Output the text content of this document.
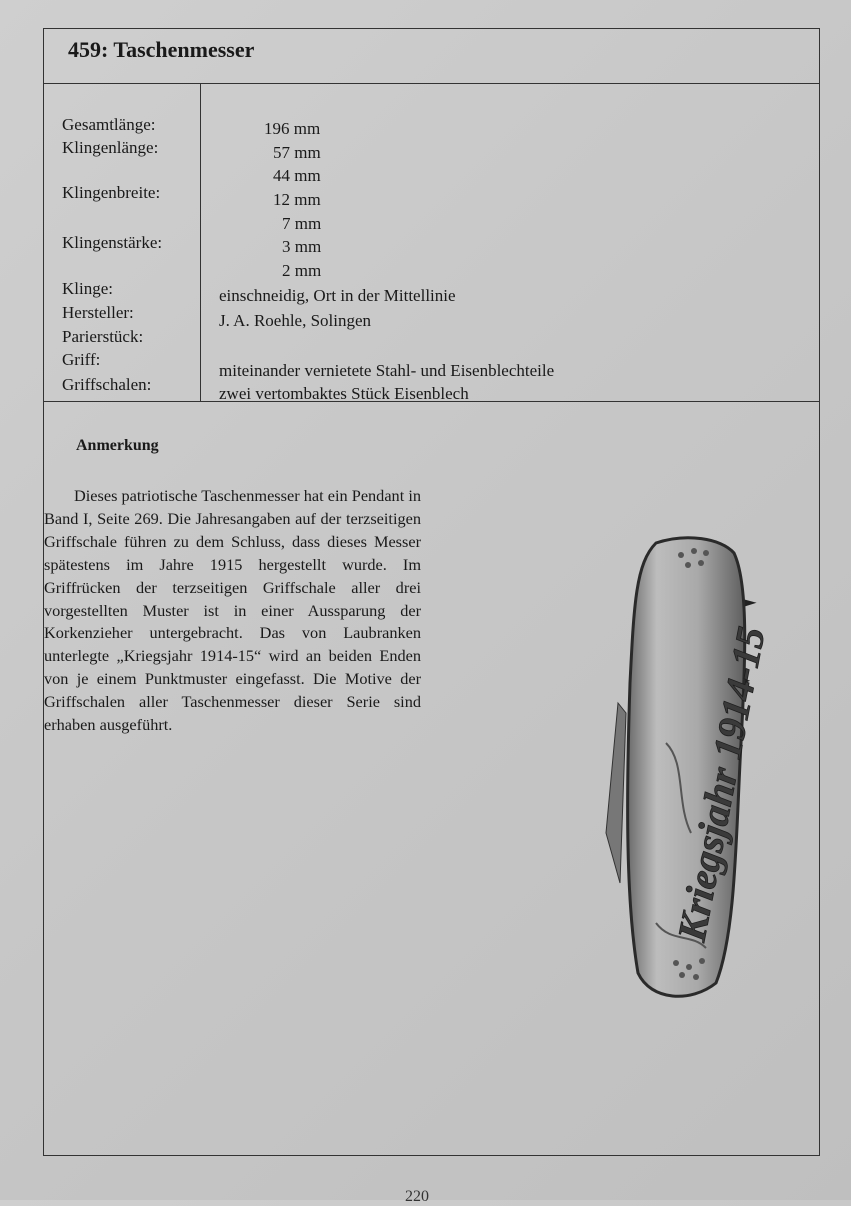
459: Taschenmesser
Gesamtlänge:
Klingenlänge:
Klingenbreite:
Klingenstärke:
Klinge:
Hersteller:
Parierstück:
Griff:
Griffschalen:
196 mm
57 mm
44 mm
12 mm
7 mm
3 mm
2 mm
einschneidig, Ort in der Mittellinie
J. A. Roehle, Solingen
miteinander vernietete Stahl- und Eisenblechteile
zwei vertombaktes Stück Eisenblech
Anmerkung
Dieses patriotische Taschenmesser hat ein Pendant in Band I, Seite 269. Die Jahresangaben auf der terzseitigen Griffschale führen zu dem Schluss, dass dieses Messer spätestens im Jahre 1915 hergestellt wurde. Im Griffrücken der terzseitigen Griffschale aller drei vorgestellten Muster ist in einer Aussparung der Korkenzieher untergebracht. Das von Laubranken unterlegte „Kriegsjahr 1914-15“ wird an beiden Enden von je einem Punktmuster eingefasst. Die Motive der Griffschalen aller Taschenmesser dieser Serie sind erhaben ausgeführt.	Kriegsjahr 1914-15
220
